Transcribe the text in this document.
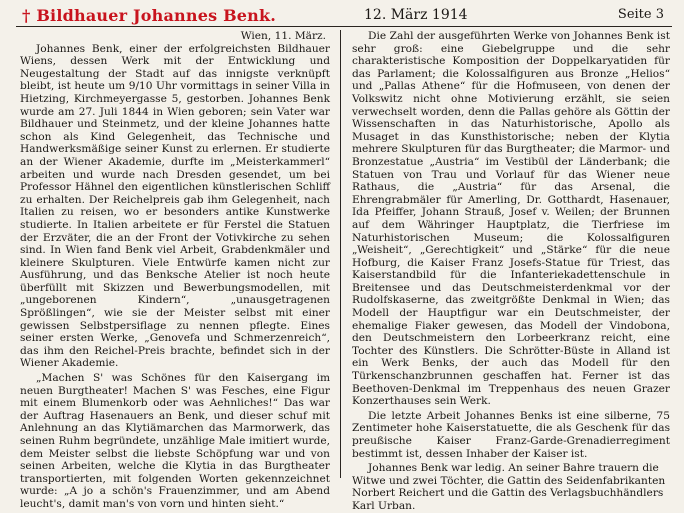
† Bildhauer Johannes Benk.	12. März 1914	Seite 3

Wien, 11. März.

Johannes Benk, einer der erfolgreichsten Bildhauer Wiens, dessen Werk mit der Entwicklung und Neugestaltung der Stadt auf das innigste verknüpft bleibt, ist heute um 9/10 Uhr vormittags in seiner Villa in Hietzing, Kirchmeyergasse 5, gestorben. Johannes Benk wurde am 27. Juli 1844 in Wien geboren; sein Vater war Bildhauer und Steinmetz, und der kleine Johannes hatte schon als Kind Gelegenheit, das Technische und Handwerksmäßige seiner Kunst zu erlernen. Er studierte an der Wiener Akademie, durfte im „Meisterkammerl“ arbeiten und wurde nach Dresden gesendet, um bei Professor Hähnel den eigentlichen künstlerischen Schliff zu erhalten. Der Reichelpreis gab ihm Gelegenheit, nach Italien zu reisen, wo er besonders antike Kunstwerke studierte. In Italien arbeitete er für Ferstel die Statuen der Erzväter, die an der Front der Votivkirche zu sehen sind. In Wien fand Benk viel Arbeit, Grabdenkmäler und kleinere Skulpturen. Viele Entwürfe kamen nicht zur Ausführung, und das Benksche Atelier ist noch heute überfüllt mit Skizzen und Bewerbungsmodellen, mit „ungeborenen Kindern“, „unausgetragenen Sprößlingen“, wie sie der Meister selbst mit einer gewissen Selbstpersiflage zu nennen pflegte. Eines seiner ersten Werke, „Genovefa und Schmerzenreich“, das ihm den Reichel-Preis brachte, befindet sich in der Wiener Akademie.

„Machen S' was Schönes für den Kaisergang im neuen Burgtheater! Machen S' was Fesches, eine Figur mit einem Blumenkorb oder was Aehnliches!“ Das war der Auftrag Hasenauers an Benk, und dieser schuf mit Anlehnung an das Klytiämarchen das Marmorwerk, das seinen Ruhm begründete, unzählige Male imitiert wurde, dem Meister selbst die liebste Schöpfung war und von seinen Arbeiten, welche die Klytia in das Burgtheater transportierten, mit folgenden Worten gekennzeichnet wurde: „A jo a schön's Frauenzimmer, und am Abend leucht's, damit man's von vorn und hinten sieht.“

Die Zahl der ausgeführten Werke von Johannes Benk ist sehr groß: eine Giebelgruppe und die sehr charakteristische Komposition der Doppelkaryatiden für das Parlament; die Kolossalfiguren aus Bronze „Helios“ und „Pallas Athene“ für die Hofmuseen, von denen der Volkswitz nicht ohne Motivierung erzählt, sie seien verwechselt worden, denn die Pallas gehöre als Göttin der Wissenschaften in das Naturhistorische, Apollo als Musaget in das Kunsthistorische; neben der Klytia mehrere Skulpturen für das Burgtheater; die Marmor- und Bronzestatue „Austria“ im Vestibül der Länderbank; die Statuen von Trau und Vorlauf für das Wiener neue Rathaus, die „Austria“ für das Arsenal, die Ehrengrabmäler für Amerling, Dr. Gotthardt, Hasenauer, Ida Pfeiffer, Johann Strauß, Josef v. Weilen; der Brunnen auf dem Währinger Hauptplatz, die Tierfriese im Naturhistorischen Museum; die Kolossalfiguren „Weisheit“, „Gerechtigkeit“ und „Stärke“ für die neue Hofburg, die Kaiser Franz Josefs-Statue für Triest, das Kaiserstandbild für die Infanteriekadettenschule in Breitensee und das Deutschmeisterdenkmal vor der Rudolfskaserne, das zweitgrößte Denkmal in Wien; das Modell der Hauptfigur war ein Deutschmeister, der ehemalige Fiaker gewesen, das Modell der Vindobona, den Deutschmeistern den Lorbeerkranz reicht, eine Tochter des Künstlers. Die Schrötter-Büste in Alland ist ein Werk Benks, der auch das Modell für den Türkenschanzbrunnen geschaffen hat. Ferner ist das Beethoven-Denkmal im Treppenhaus des neuen Grazer Konzerthauses sein Werk.

Die letzte Arbeit Johannes Benks ist eine silberne, 75 Zentimeter hohe Kaiserstatuette, die als Geschenk für das preußische Kaiser Franz-Garde-Grenadierregiment bestimmt ist, dessen Inhaber der Kaiser ist.

Johannes Benk war ledig. An seiner Bahre trauern die Witwe und zwei Töchter, die Gattin des Seidenfabrikanten Norbert Reichert und die Gattin des Verlagsbuchhändlers Karl Urban.
